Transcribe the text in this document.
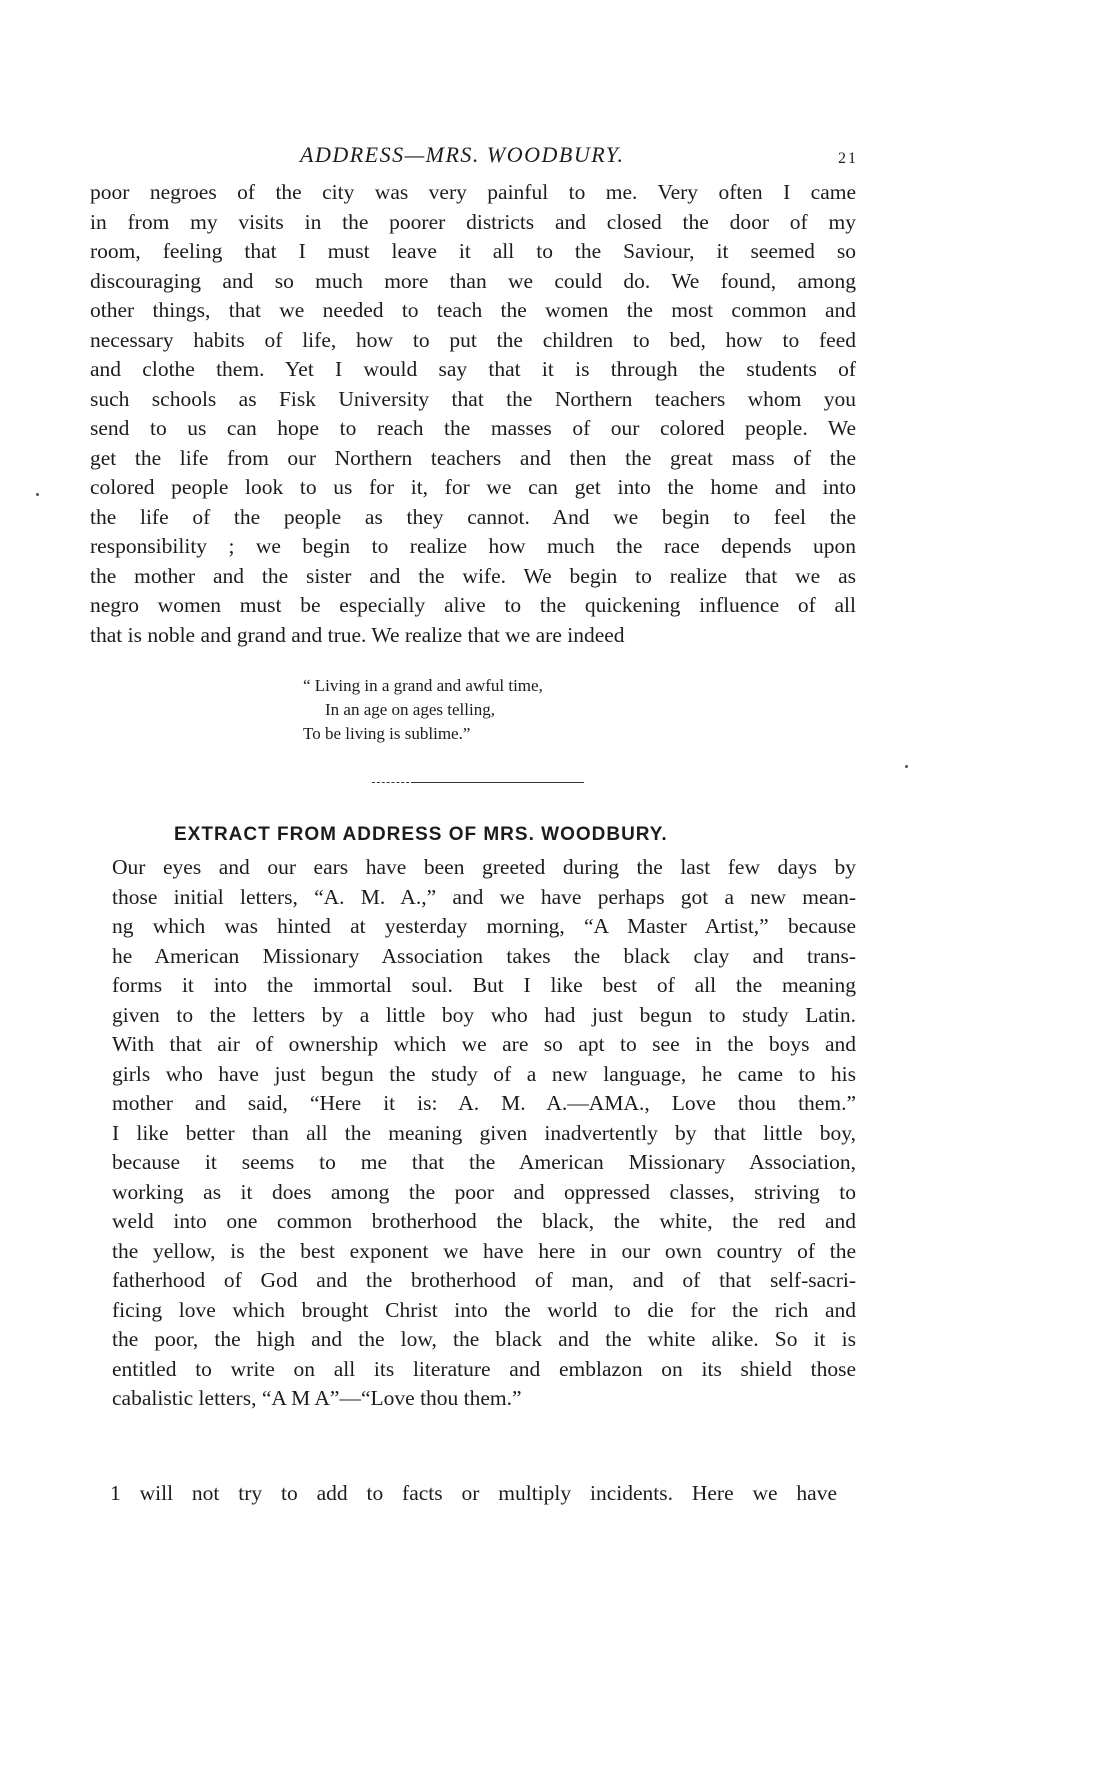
ADDRESS—MRS. WOODBURY.	21

poor negroes of the city was very painful to me. Very often I came
in from my visits in the poorer districts and closed the door of my
room, feeling that I must leave it all to the Saviour, it seemed so
discouraging and so much more than we could do. We found, among
other things, that we needed to teach the women the most common and
necessary habits of life, how to put the children to bed, how to feed
and clothe them. Yet I would say that it is through the students of
such schools as Fisk University that the Northern teachers whom you
send to us can hope to reach the masses of our colored people. We
get the life from our Northern teachers and then the great mass of the
colored people look to us for it, for we can get into the home and into
the life of the people as they cannot. And we begin to feel the
responsibility ; we begin to realize how much the race depends upon
the mother and the sister and the wife. We begin to realize that we as
negro women must be especially alive to the quickening influence of all
that is noble and grand and true. We realize that we are indeed

“ Living in a grand and awful time,
In an age on ages telling,
To be living is sublime.”
EXTRACT FROM ADDRESS OF MRS. WOODBURY.

Our eyes and our ears have been greeted during the last few days by
those initial letters, “A. M. A.,” and we have perhaps got a new mean-
ng which was hinted at yesterday morning, “A Master Artist,” because
he American Missionary Association takes the black clay and trans-
forms it into the immortal soul. But I like best of all the meaning
given to the letters by a little boy who had just begun to study Latin.
With that air of ownership which we are so apt to see in the boys and
girls who have just begun the study of a new language, he came to his
mother and said, “Here it is: A. M. A.—AMA., Love thou them.”
I like better than all the meaning given inadvertently by that little boy,
because it seems to me that the American Missionary Association,
working as it does among the poor and oppressed classes, striving to
weld into one common brotherhood the black, the white, the red and
the yellow, is the best exponent we have here in our own country of the
fatherhood of God and the brotherhood of man, and of that self-sacri-
ficing love which brought Christ into the world to die for the rich and
the poor, the high and the low, the black and the white alike. So it is
entitled to write on all its literature and emblazon on its shield those
cabalistic letters, “A M A”—“Love thou them.”

1 will not try to add to facts or multiply incidents. Here we have
